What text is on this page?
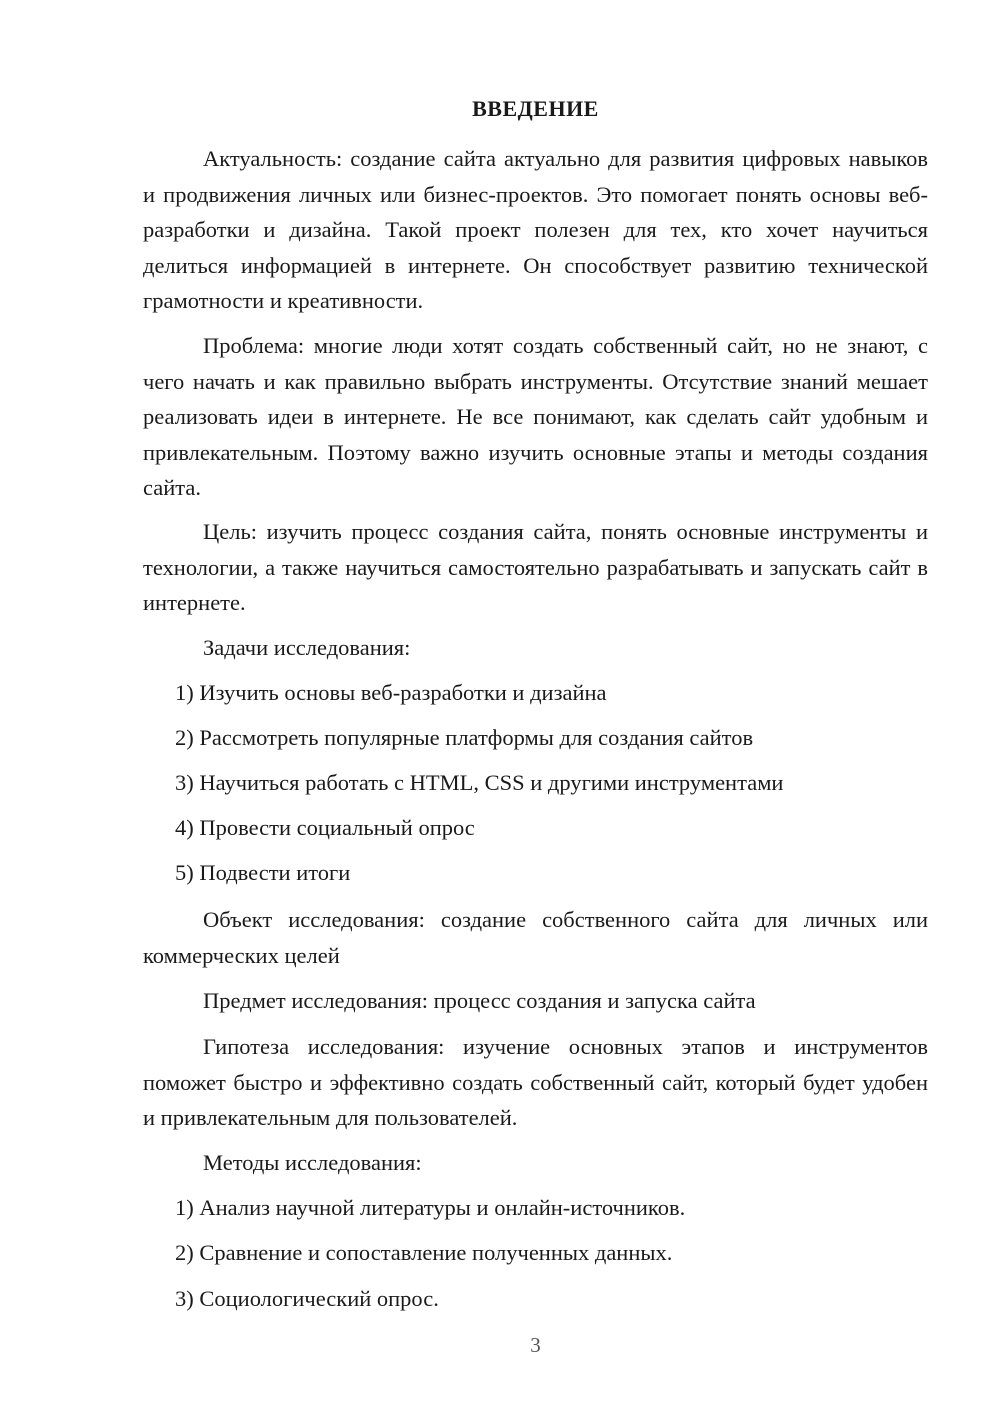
ВВЕДЕНИЕ

Актуальность: создание сайта актуально для развития цифровых навыков и продвижения личных или бизнес-проектов. Это помогает понять основы веб-разработки и дизайна. Такой проект полезен для тех, кто хочет научиться делиться информацией в интернете. Он способствует развитию технической грамотности и креативности.

Проблема: многие люди хотят создать собственный сайт, но не знают, с чего начать и как правильно выбрать инструменты. Отсутствие знаний мешает реализовать идеи в интернете. Не все понимают, как сделать сайт удобным и привлекательным. Поэтому важно изучить основные этапы и методы создания сайта.

Цель: изучить процесс создания сайта, понять основные инструменты и технологии, а также научиться самостоятельно разрабатывать и запускать сайт в интернете.

Задачи исследования:

1) Изучить основы веб-разработки и дизайна

2) Рассмотреть популярные платформы для создания сайтов

3) Научиться работать с HTML, CSS и другими инструментами

4) Провести социальный опрос

5) Подвести итоги

Объект исследования: создание собственного сайта для личных или коммерческих целей

Предмет исследования: процесс создания и запуска сайта

Гипотеза исследования: изучение основных этапов и инструментов поможет быстро и эффективно создать собственный сайт, который будет удобен и привлекательным для пользователей.

Методы исследования:

1) Анализ научной литературы и онлайн-источников.

2) Сравнение и сопоставление полученных данных.

3) Социологический опрос.

3
